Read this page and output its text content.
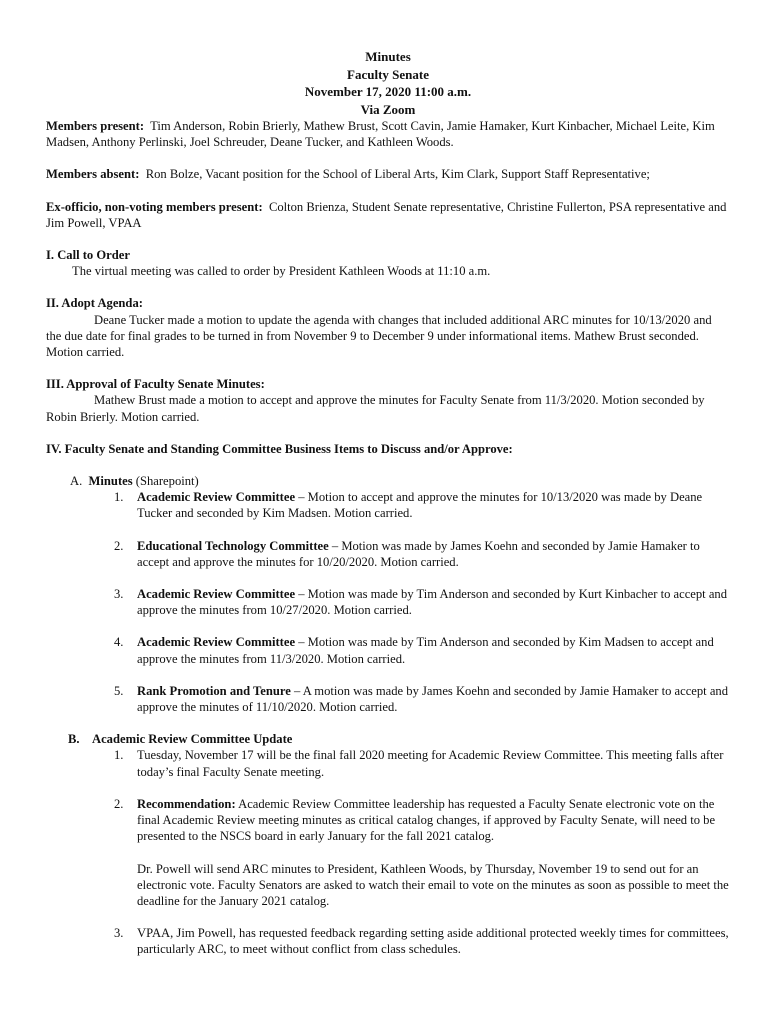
Minutes
Faculty Senate
November 17, 2020 11:00 a.m.
Via Zoom

Members present: Tim Anderson, Robin Brierly, Mathew Brust, Scott Cavin, Jamie Hamaker, Kurt Kinbacher, Michael Leite, Kim Madsen, Anthony Perlinski, Joel Schreuder, Deane Tucker, and Kathleen Woods.

Members absent: Ron Bolze, Vacant position for the School of Liberal Arts, Kim Clark, Support Staff Representative;

Ex-officio, non-voting members present: Colton Brienza, Student Senate representative, Christine Fullerton, PSA representative and Jim Powell, VPAA

I. Call to Order

The virtual meeting was called to order by President Kathleen Woods at 11:10 a.m.

II. Adopt Agenda:

Deane Tucker made a motion to update the agenda with changes that included additional ARC minutes for 10/13/2020 and the due date for final grades to be turned in from November 9 to December 9 under informational items. Mathew Brust seconded. Motion carried.

III. Approval of Faculty Senate Minutes:

Mathew Brust made a motion to accept and approve the minutes for Faculty Senate from 11/3/2020. Motion seconded by Robin Brierly. Motion carried.

IV. Faculty Senate and Standing Committee Business Items to Discuss and/or Approve:

A. Minutes (Sharepoint)

1. Academic Review Committee – Motion to accept and approve the minutes for 10/13/2020 was made by Deane Tucker and seconded by Kim Madsen. Motion carried.
2. Educational Technology Committee – Motion was made by James Koehn and seconded by Jamie Hamaker to accept and approve the minutes for 10/20/2020. Motion carried.
3. Academic Review Committee – Motion was made by Tim Anderson and seconded by Kurt Kinbacher to accept and approve the minutes from 10/27/2020. Motion carried.
4. Academic Review Committee – Motion was made by Tim Anderson and seconded by Kim Madsen to accept and approve the minutes from 11/3/2020. Motion carried.
5. Rank Promotion and Tenure – A motion was made by James Koehn and seconded by Jamie Hamaker to accept and approve the minutes of 11/10/2020. Motion carried.
B. Academic Review Committee Update

1. Tuesday, November 17 will be the final fall 2020 meeting for Academic Review Committee. This meeting falls after today’s final Faculty Senate meeting.
2. Recommendation: Academic Review Committee leadership has requested a Faculty Senate electronic vote on the final Academic Review meeting minutes as critical catalog changes, if approved by Faculty Senate, will need to be presented to the NSCS board in early January for the fall 2021 catalog.
Dr. Powell will send ARC minutes to President, Kathleen Woods, by Thursday, November 19 to send out for an electronic vote. Faculty Senators are asked to watch their email to vote on the minutes as soon as possible to meet the deadline for the January 2021 catalog.
3. VPAA, Jim Powell, has requested feedback regarding setting aside additional protected weekly times for committees, particularly ARC, to meet without conflict from class schedules.
